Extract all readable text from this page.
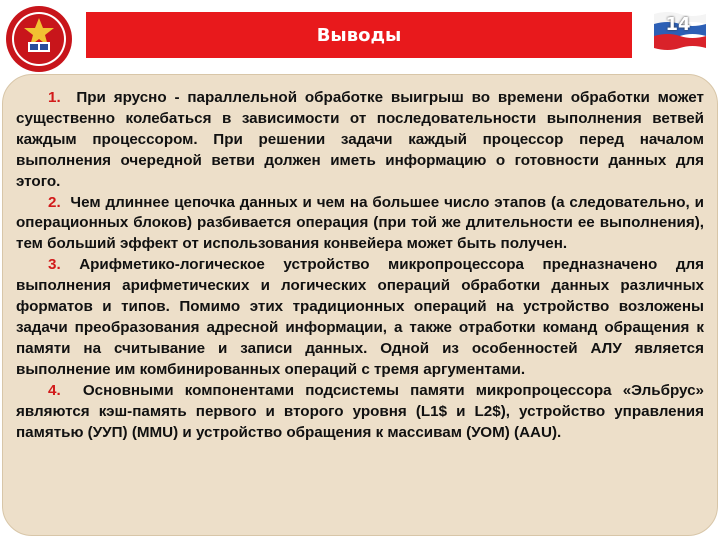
Выводы	14

1. При ярусно - параллельной обработке выигрыш во времени обработки может существенно колебаться в зависимости от последовательности выполнения ветвей каждым процессором. При решении задачи каждый процессор перед началом выполнения очередной ветви должен иметь информацию о готовности данных для этого.

2. Чем длиннее цепочка данных и чем на большее число этапов (а следовательно, и операционных блоков) разбивается операция (при той же длительности ее выполнения), тем больший эффект от использования конвейера может быть получен.

3. Арифметико-логическое устройство микропроцессора предназначено для выполнения арифметических и логических операций обработки данных различных форматов и типов. Помимо этих традиционных операций на устройство возложены задачи преобразования адресной информации, а также отработки команд обращения к памяти на считывание и записи данных. Одной из особенностей АЛУ является выполнение им комбинированных операций с тремя аргументами.

4. Основными компонентами подсистемы памяти микропроцессора «Эльбрус» являются кэш-память первого и второго уровня (L1$ и L2$), устройство управления памятью (УУП) (MMU) и устройство обращения к массивам (УОМ) (AAU).
